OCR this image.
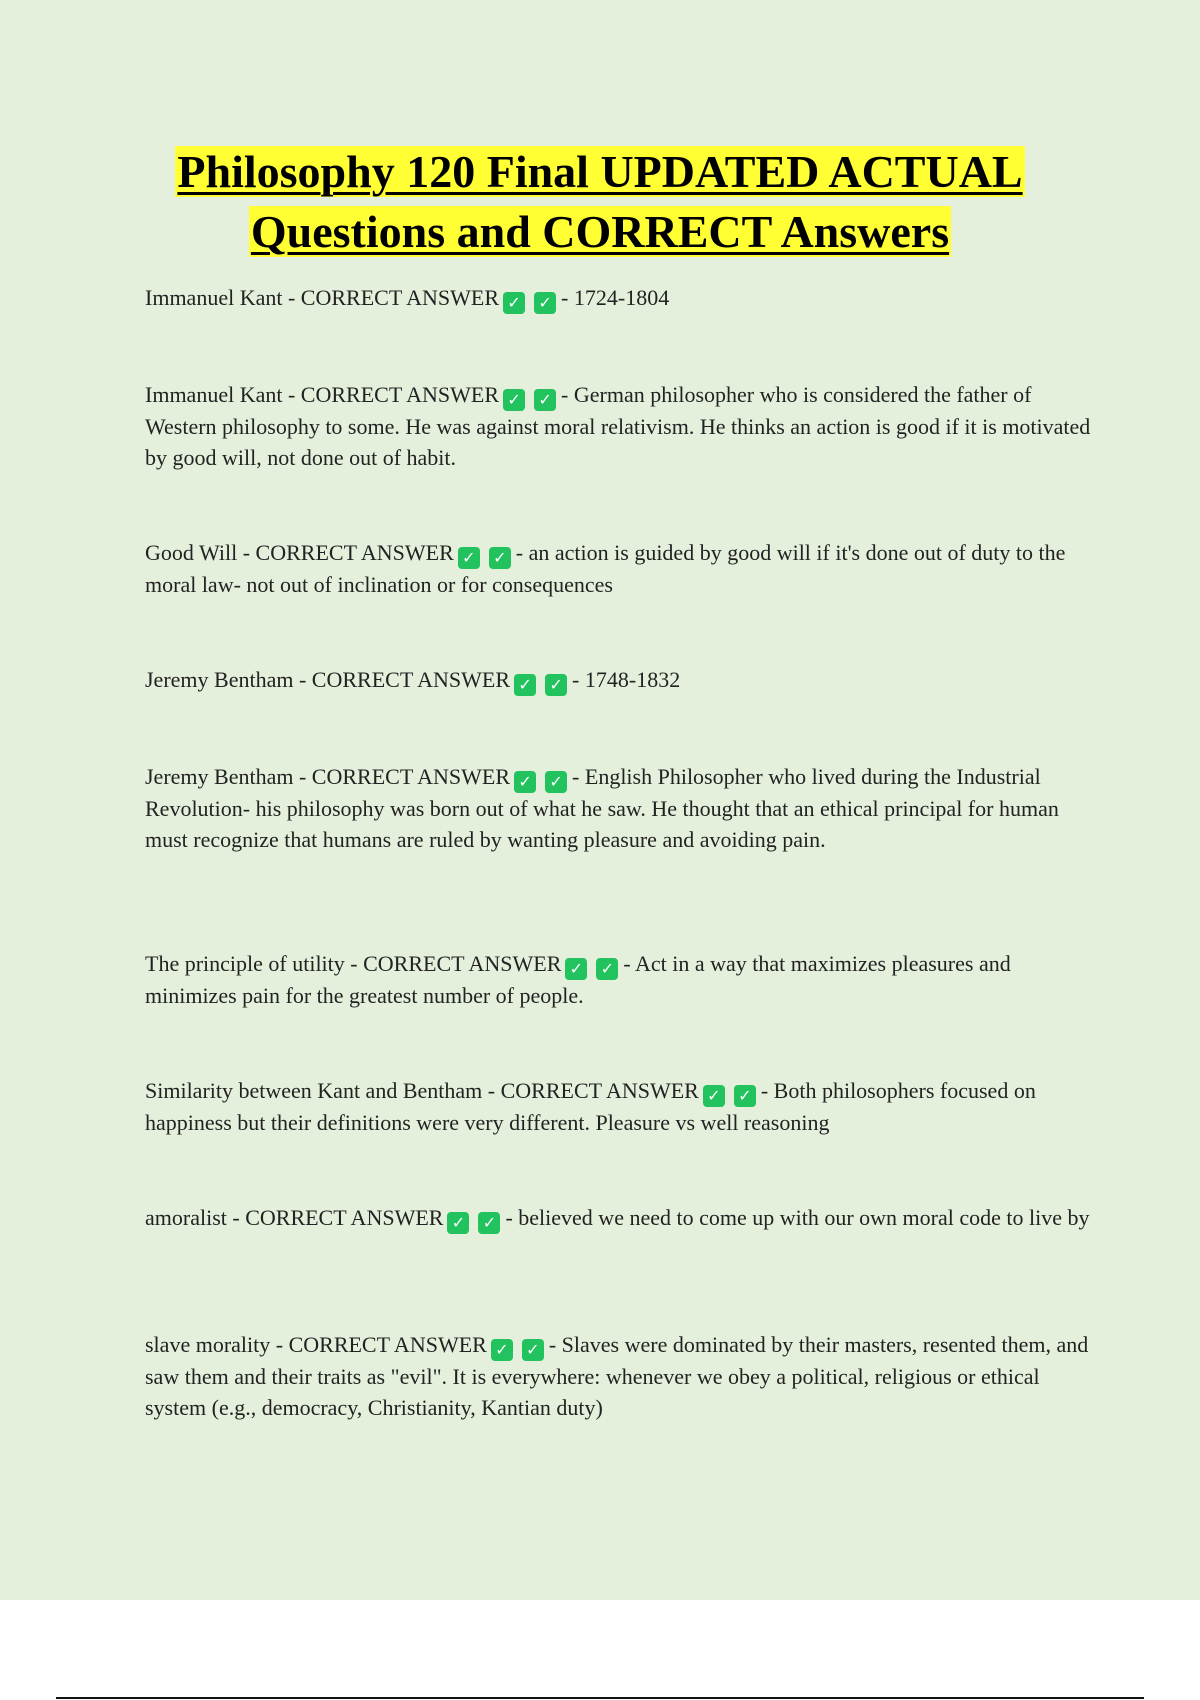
Philosophy 120 Final UPDATED ACTUAL
Questions and CORRECT Answers
Immanuel Kant - CORRECT ANSWER ✓ ✓ - 1724-1804
Immanuel Kant - CORRECT ANSWER ✓ ✓ - German philosopher who is considered the father of Western philosophy to some. He was against moral relativism. He thinks an action is good if it is motivated by good will, not done out of habit.
Good Will - CORRECT ANSWER ✓ ✓ - an action is guided by good will if it's done out of duty to the moral law- not out of inclination or for consequences
Jeremy Bentham - CORRECT ANSWER ✓ ✓ - 1748-1832
Jeremy Bentham - CORRECT ANSWER ✓ ✓ - English Philosopher who lived during the Industrial Revolution- his philosophy was born out of what he saw. He thought that an ethical principal for human must recognize that humans are ruled by wanting pleasure and avoiding pain.
The principle of utility - CORRECT ANSWER ✓ ✓ - Act in a way that maximizes pleasures and minimizes pain for the greatest number of people.
Similarity between Kant and Bentham - CORRECT ANSWER ✓ ✓ - Both philosophers focused on happiness but their definitions were very different. Pleasure vs well reasoning
amoralist - CORRECT ANSWER ✓ ✓ - believed we need to come up with our own moral code to live by
slave morality - CORRECT ANSWER ✓ ✓ - Slaves were dominated by their masters, resented them, and saw them and their traits as "evil". It is everywhere: whenever we obey a political, religious or ethical system (e.g., democracy, Christianity, Kantian duty)
